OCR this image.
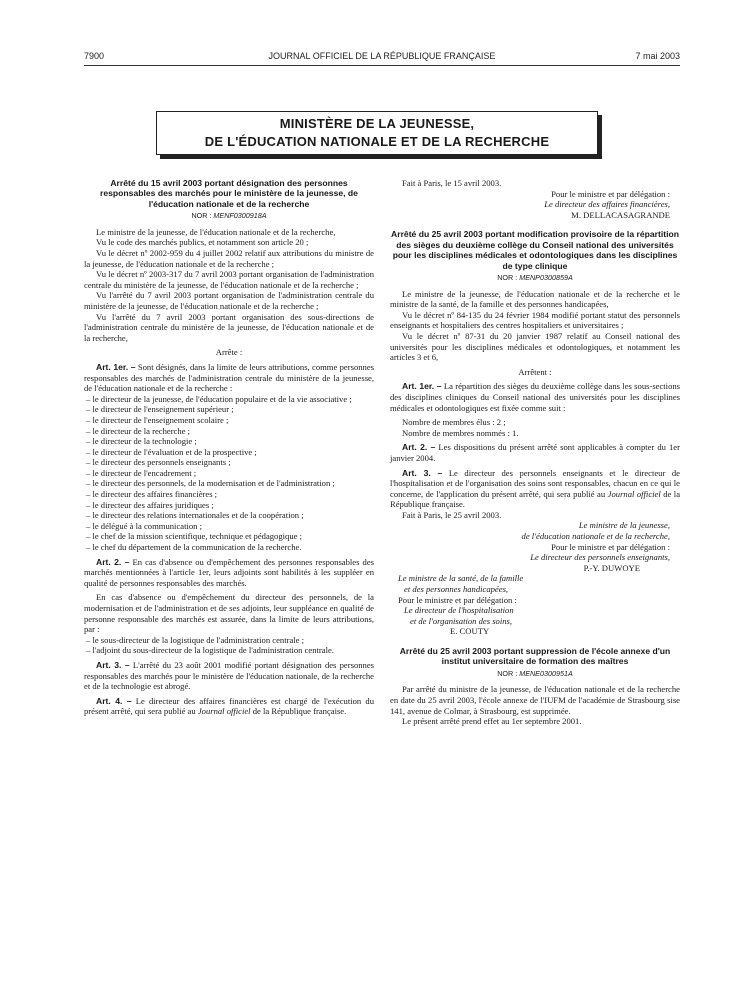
7900	JOURNAL OFFICIEL DE LA RÉPUBLIQUE FRANÇAISE	7 mai 2003
MINISTÈRE DE LA JEUNESSE,
DE L'ÉDUCATION NATIONALE ET DE LA RECHERCHE

Arrêté du 15 avril 2003 portant désignation des personnes responsables des marchés pour le ministère de la jeunesse, de l'éducation nationale et de la recherche

NOR : MENF0300918A

Le ministre de la jeunesse, de l'éducation nationale et de la recherche,

Vu le code des marchés publics, et notamment son article 20 ;

Vu le décret nº 2002-959 du 4 juillet 2002 relatif aux attributions du ministre de la jeunesse, de l'éducation nationale et de la recherche ;

Vu le décret nº 2003-317 du 7 avril 2003 portant organisation de l'administration centrale du ministère de la jeunesse, de l'éducation nationale et de la recherche ;

Vu l'arrêté du 7 avril 2003 portant organisation de l'administration centrale du ministère de la jeunesse, de l'éducation nationale et de la recherche ;

Vu l'arrêté du 7 avril 2003 portant organisation des sous-directions de l'administration centrale du ministère de la jeunesse, de l'éducation nationale et de la recherche,

Arrête :

Art. 1er. – Sont désignés, dans la limite de leurs attributions, comme personnes responsables des marchés de l'administration centrale du ministère de la jeunesse, de l'éducation nationale et de la recherche :

– le directeur de la jeunesse, de l'éducation populaire et de la vie associative ;

– le directeur de l'enseignement supérieur ;

– le directeur de l'enseignement scolaire ;

– le directeur de la recherche ;

– le directeur de la technologie ;

– le directeur de l'évaluation et de la prospective ;

– le directeur des personnels enseignants ;

– le directeur de l'encadrement ;

– le directeur des personnels, de la modernisation et de l'administration ;

– le directeur des affaires financières ;

– le directeur des affaires juridiques ;

– le directeur des relations internationales et de la coopération ;

– le délégué à la communication ;

– le chef de la mission scientifique, technique et pédagogique ;

– le chef du département de la communication de la recherche.

Art. 2. – En cas d'absence ou d'empêchement des personnes responsables des marchés mentionnées à l'article 1er, leurs adjoints sont habilités à les suppléer en qualité de personnes responsables des marchés.

En cas d'absence ou d'empêchement du directeur des personnels, de la modernisation et de l'administration et de ses adjoints, leur suppléance en qualité de personne responsable des marchés est assurée, dans la limite de leurs attributions, par :

– le sous-directeur de la logistique de l'administration centrale ;

– l'adjoint du sous-directeur de la logistique de l'administration centrale.

Art. 3. – L'arrêté du 23 août 2001 modifié portant désignation des personnes responsables des marchés pour le ministère de l'éducation nationale, de la recherche et de la technologie est abrogé.

Art. 4. – Le directeur des affaires financières est chargé de l'exécution du présent arrêté, qui sera publié au Journal officiel de la République française.

Fait à Paris, le 15 avril 2003.

Pour le ministre et par délégation :

Le directeur des affaires financières,

M. DELLACASAGRANDE

Arrêté du 25 avril 2003 portant modification provisoire de la répartition des sièges du deuxième collège du Conseil national des universités pour les disciplines médicales et odontologiques dans les disciplines de type clinique

NOR : MENP0300859A

Le ministre de la jeunesse, de l'éducation nationale et de la recherche et le ministre de la santé, de la famille et des personnes handicapées,

Vu le décret nº 84-135 du 24 février 1984 modifié portant statut des personnels enseignants et hospitaliers des centres hospitaliers et universitaires ;

Vu le décret nº 87-31 du 20 janvier 1987 relatif au Conseil national des universités pour les disciplines médicales et odontologiques, et notamment les articles 3 et 6,

Arrêtent :

Art. 1er. – La répartition des sièges du deuxième collège dans les sous-sections des disciplines cliniques du Conseil national des universités pour les disciplines médicales et odontologiques est fixée comme suit :

Nombre de membres élus : 2 ;

Nombre de membres nommés : 1.

Art. 2. – Les dispositions du présent arrêté sont applicables à compter du 1er janvier 2004.

Art. 3. – Le directeur des personnels enseignants et le directeur de l'hospitalisation et de l'organisation des soins sont responsables, chacun en ce qui le concerne, de l'application du présent arrêté, qui sera publié au Journal officiel de la République française.

Fait à Paris, le 25 avril 2003.

Le ministre de la jeunesse,

de l'éducation nationale et de la recherche,

Pour le ministre et par délégation :

Le directeur des personnels enseignants,

P.-Y. DUWOYE

Le ministre de la santé, de la famille

et des personnes handicapées,

Pour le ministre et par délégation :

Le directeur de l'hospitalisation

et de l'organisation des soins,

E. COUTY

Arrêté du 25 avril 2003 portant suppression de l'école annexe d'un institut universitaire de formation des maîtres

NOR : MENE0300951A

Par arrêté du ministre de la jeunesse, de l'éducation nationale et de la recherche en date du 25 avril 2003, l'école annexe de l'IUFM de l'académie de Strasbourg sise 141, avenue de Colmar, à Strasbourg, est supprimée.

Le présent arrêté prend effet au 1er septembre 2001.
